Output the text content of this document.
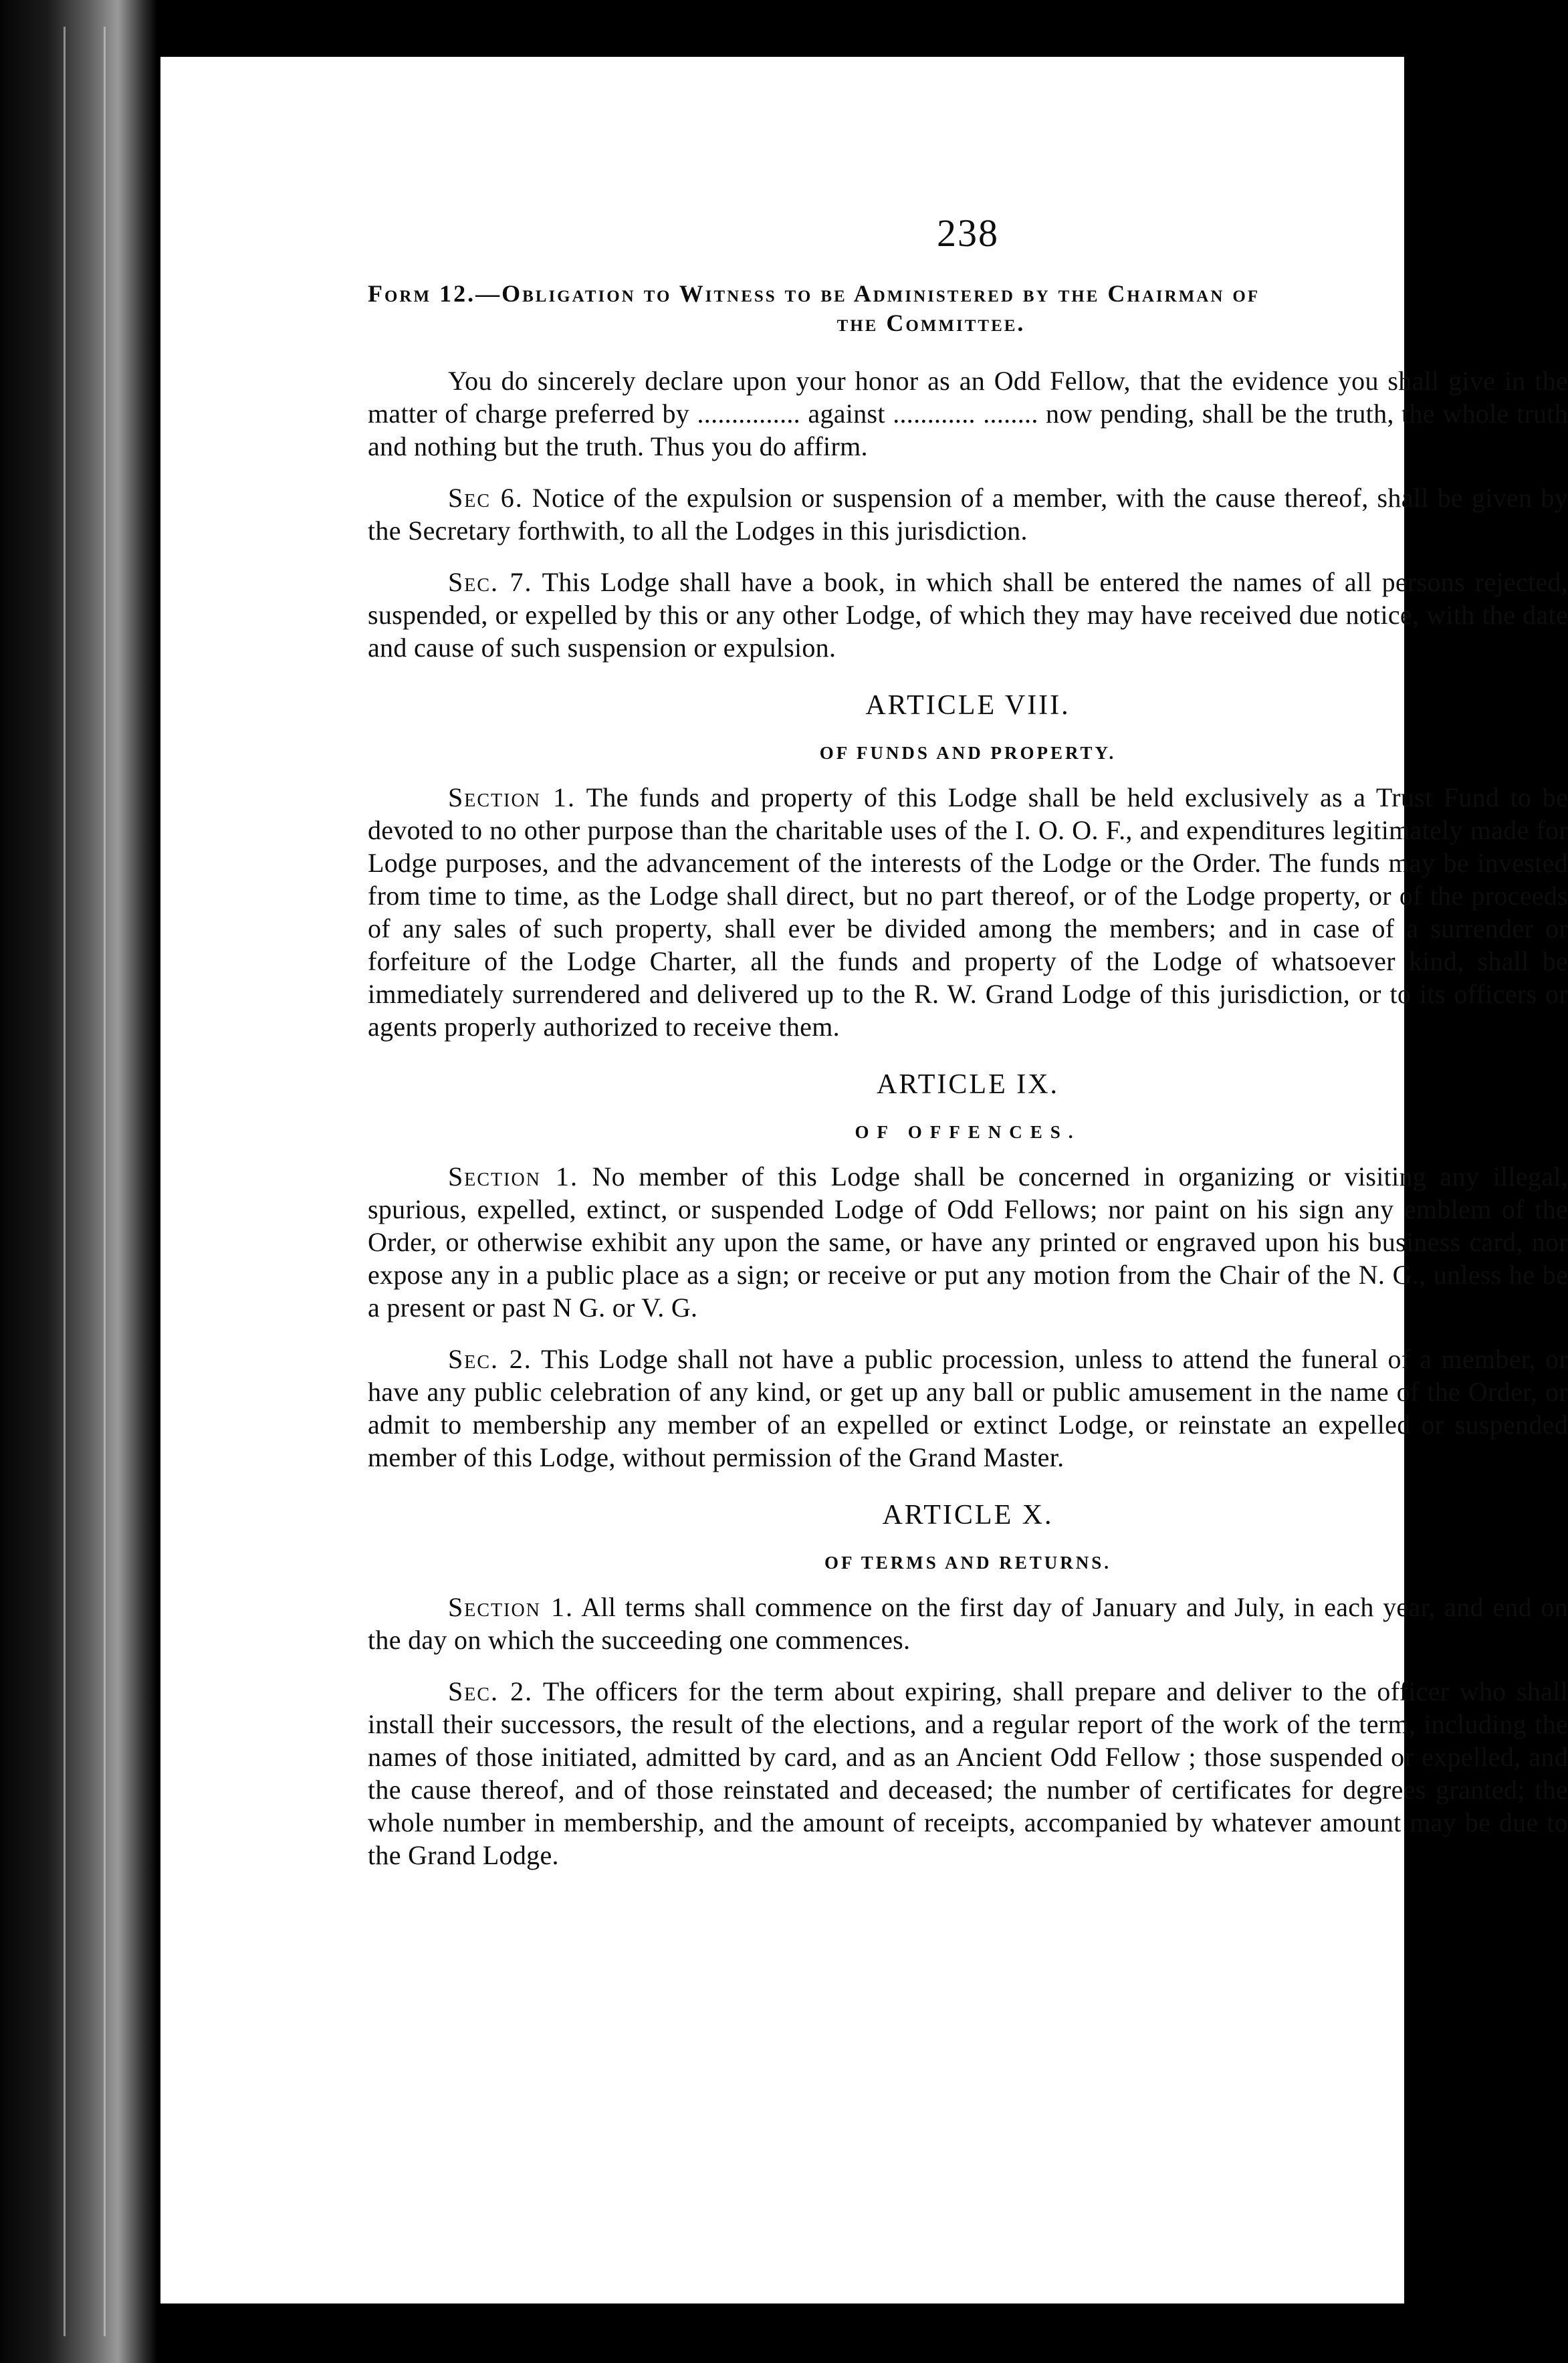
238
Form 12.—Obligation to Witness to be Administered by the Chairman of
the Committee.

You do sincerely declare upon your honor as an Odd Fellow, that the evidence you shall give in the matter of charge preferred by ............... against ............ ........ now pending, shall be the truth, the whole truth and nothing but the truth. Thus you do affirm.

Sec 6. Notice of the expulsion or suspension of a member, with the cause thereof, shall be given by the Secretary forthwith, to all the Lodges in this jurisdiction.

Sec. 7. This Lodge shall have a book, in which shall be entered the names of all persons rejected, suspended, or expelled by this or any other Lodge, of which they may have received due notice, with the date and cause of such suspension or expulsion.

ARTICLE VIII.
OF FUNDS AND PROPERTY.

Section 1. The funds and property of this Lodge shall be held exclusively as a Trust Fund to be devoted to no other purpose than the charitable uses of the I. O. O. F., and expenditures legitimately made for Lodge purposes, and the advancement of the interests of the Lodge or the Order. The funds may be invested from time to time, as the Lodge shall direct, but no part thereof, or of the Lodge property, or of the proceeds of any sales of such property, shall ever be divided among the members; and in case of a surrender or forfeiture of the Lodge Charter, all the funds and property of the Lodge of whatsoever kind, shall be immediately surrendered and delivered up to the R. W. Grand Lodge of this jurisdiction, or to its officers or agents properly authorized to receive them.

ARTICLE IX.
OF OFFENCES.

Section 1. No member of this Lodge shall be concerned in organizing or visiting any illegal, spurious, expelled, extinct, or suspended Lodge of Odd Fellows; nor paint on his sign any emblem of the Order, or otherwise exhibit any upon the same, or have any printed or engraved upon his business card, nor expose any in a public place as a sign; or receive or put any motion from the Chair of the N. G., unless he be a present or past N G. or V. G.

Sec. 2. This Lodge shall not have a public procession, unless to attend the funeral of a member, or have any public celebration of any kind, or get up any ball or public amusement in the name of the Order, or admit to membership any member of an expelled or extinct Lodge, or reinstate an expelled or suspended member of this Lodge, without permission of the Grand Master.

ARTICLE X.
OF TERMS AND RETURNS.

Section 1. All terms shall commence on the first day of January and July, in each year, and end on the day on which the succeeding one commences.

Sec. 2. The officers for the term about expiring, shall prepare and deliver to the officer who shall install their successors, the result of the elections, and a regular report of the work of the term, including the names of those initiated, admitted by card, and as an Ancient Odd Fellow ; those suspended or expelled, and the cause thereof, and of those reinstated and deceased; the number of certificates for degrees granted; the whole number in membership, and the amount of receipts, accompanied by whatever amount may be due to the Grand Lodge.
